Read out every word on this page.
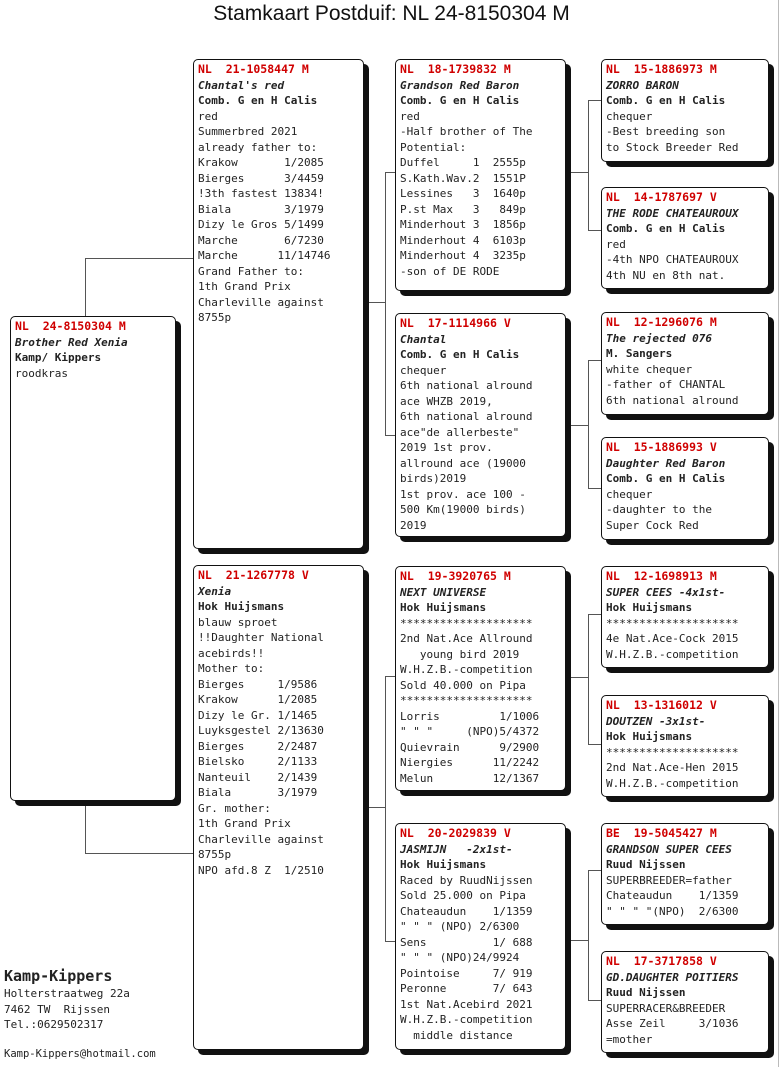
Stamkaart Postduif: NL 24-8150304 M
NL  24-8150304 M
Brother Red Xenia
Kamp/ Kippers
roodkras
NL  21-1058447 M
Chantal's red
Comb. G en H Calis
red
Summerbred 2021
already father to:
Krakow       1/2085
Bierges      3/4459
!3th fastest 13834!
Biala        3/1979
Dizy le Gros 5/1499
Marche       6/7230
Marche      11/14746
Grand Father to:
1th Grand Prix
Charleville against
8755p
NL  21-1267778 V
Xenia
Hok Huijsmans
blauw sproet
!!Daughter National
acebirds!!
Mother to:
Bierges     1/9586
Krakow      1/2085
Dizy le Gr. 1/1465
Luyksgestel 2/13630
Bierges     2/2487
Bielsko     2/1133
Nanteuil    2/1439
Biala       3/1979
Gr. mother:
1th Grand Prix
Charleville against
8755p
NPO afd.8 Z  1/2510
NL  18-1739832 M
Grandson Red Baron
Comb. G en H Calis
red
-Half brother of The
Potential:
Duffel     1  2555p
S.Kath.Wav.2  1551P
Lessines   3  1640p
P.st Max   3   849p
Minderhout 3  1856p
Minderhout 4  6103p
Minderhout 4  3235p
-son of DE RODE
NL  17-1114966 V
Chantal
Comb. G en H Calis
chequer
6th national alround
ace WHZB 2019,
6th national alround
ace"de allerbeste"
2019 1st prov.
allround ace (19000
birds)2019
1st prov. ace 100 -
500 Km(19000 birds)
2019
NL  19-3920765 M
NEXT UNIVERSE
Hok Huijsmans
********************
2nd Nat.Ace Allround
young bird 2019
W.H.Z.B.-competition
Sold 40.000 on Pipa
********************
Lorris         1/1006
" " "     (NPO)5/4372
Quievrain      9/2900
Niergies      11/2242
Melun         12/1367
NL  20-2029839 V
JASMIJN   -2x1st-
Hok Huijsmans
Raced by RuudNijssen
Sold 25.000 on Pipa
Chateaudun    1/1359
" " " (NPO) 2/6300
Sens          1/ 688
" " " (NPO)24/9924
Pointoise     7/ 919
Peronne       7/ 643
1st Nat.Acebird 2021
W.H.Z.B.-competition
middle distance
NL  15-1886973 M
ZORRO BARON
Comb. G en H Calis
chequer
-Best breeding son
to Stock Breeder Red
NL  14-1787697 V
THE RODE CHATEAUROUX
Comb. G en H Calis
red
-4th NPO CHATEAUROUX
4th NU en 8th nat.
NL  12-1296076 M
The rejected 076
M. Sangers
white chequer
-father of CHANTAL
6th national alround
NL  15-1886993 V
Daughter Red Baron
Comb. G en H Calis
chequer
-daughter to the
Super Cock Red
NL  12-1698913 M
SUPER CEES -4x1st-
Hok Huijsmans
********************
4e Nat.Ace-Cock 2015
W.H.Z.B.-competition
NL  13-1316012 V
DOUTZEN -3x1st-
Hok Huijsmans
********************
2nd Nat.Ace-Hen 2015
W.H.Z.B.-competition
BE  19-5045427 M
GRANDSON SUPER CEES
Ruud Nijssen
SUPERBREEDER=father
Chateaudun    1/1359
" " " "(NPO)  2/6300
NL  17-3717858 V
GD.DAUGHTER POITIERS
Ruud Nijssen
SUPERRACER&BREEDER
Asse Zeil     3/1036
=mother
Kamp-Kippers
Holterstraatweg 22a
7462 TW  Rijssen
Tel.:0629502317
Kamp-Kippers@hotmail.com
